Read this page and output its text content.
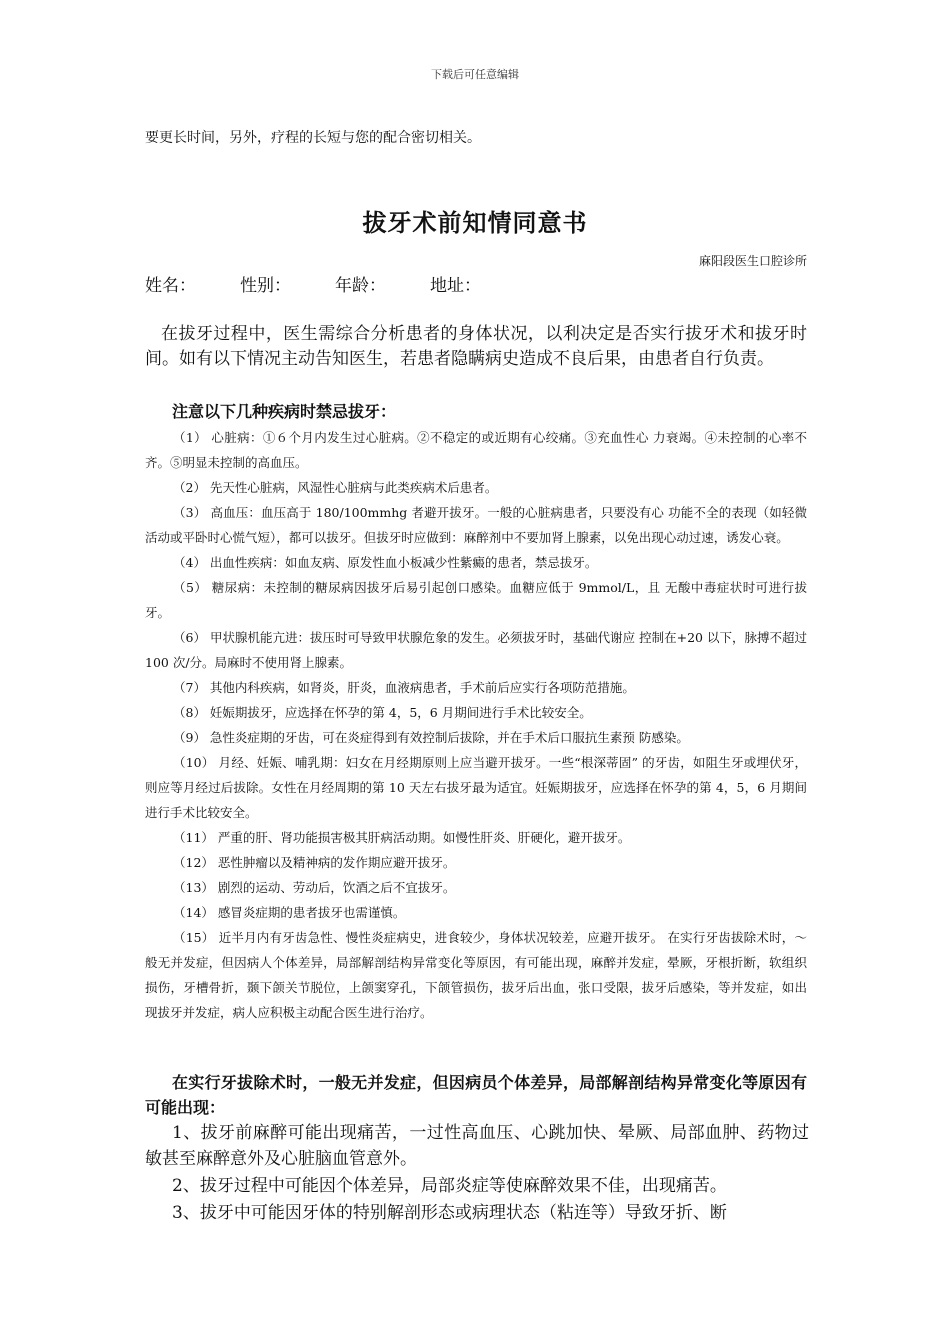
下载后可任意编辑
要更长时间，另外，疗程的长短与您的配合密切相关。
拔牙术前知情同意书
麻阳段医生口腔诊所
姓名：	性别：	年龄：	地址：
在拔牙过程中，医生需综合分析患者的身体状况，以利决定是否实行拔牙术和拔牙时间。如有以下情况主动告知医生，若患者隐瞒病史造成不良后果，由患者自行负责。
注意以下几种疾病时禁忌拔牙：

（1） 心脏病：①６个月内发生过心脏病。②不稳定的或近期有心绞痛。③充血性心 力衰竭。④未控制的心率不齐。⑤明显未控制的高血压。

（2） 先天性心脏病，风湿性心脏病与此类疾病术后患者。

（3） 高血压：血压高于 180/100mmhg 者避开拔牙。一般的心脏病患者，只要没有心 功能不全的表现（如轻微活动或平卧时心慌气短），都可以拔牙。但拔牙时应做到：麻醉剂中不要加肾上腺素，以免出现心动过速，诱发心衰。

（4） 出血性疾病：如血友病、原发性血小板减少性紫癜的患者，禁忌拔牙。

（5） 糖尿病：未控制的糖尿病因拔牙后易引起创口感染。血糖应低于 9mmol/L，且 无酸中毒症状时可进行拔牙。

（6） 甲状腺机能亢进：拔压时可导致甲状腺危象的发生。必须拔牙时，基础代谢应 控制在+20 以下，脉搏不超过 100 次/分。局麻时不使用肾上腺素。

（7） 其他内科疾病，如肾炎，肝炎，血液病患者，手术前后应实行各项防范措施。

（8） 妊娠期拔牙，应选择在怀孕的第 4，5，6 月期间进行手术比较安全。

（9） 急性炎症期的牙齿，可在炎症得到有效控制后拔除，并在手术后口服抗生素预 防感染。

（10） 月经、妊娠、哺乳期：妇女在月经期原则上应当避开拔牙。一些“根深蒂固” 的牙齿，如阻生牙或埋伏牙，则应等月经过后拔除。女性在月经周期的第 10 天左右拔牙最为适宜。妊娠期拔牙，应选择在怀孕的第 4，5，6 月期间进行手术比较安全。

（11） 严重的肝、肾功能损害极其肝病活动期。如慢性肝炎、肝硬化，避开拔牙。

（12） 恶性肿瘤以及精神病的发作期应避开拔牙。

（13） 剧烈的运动、劳动后，饮酒之后不宜拔牙。

（14） 感冒炎症期的患者拔牙也需谨慎。

（15） 近半月内有牙齿急性、慢性炎症病史，进食较少，身体状况较差，应避开拔牙。 在实行牙齿拔除术时，～般无并发症，但因病人个体差异，局部解剖结构异常变化等原因，有可能出现，麻醉并发症，晕厥，牙根折断，软组织损伤，牙槽骨折，颞下颌关节脱位，上颌窦穿孔，下颌管损伤，拔牙后出血，张口受限，拔牙后感染，等并发症，如出现拔牙并发症，病人应积极主动配合医生进行治疗。

在实行牙拔除术时，一般无并发症，但因病员个体差异，局部解剖结构异常变化等原因有可能出现：

1、拔牙前麻醉可能出现痛苦，一过性高血压、心跳加快、晕厥、局部血肿、药物过敏甚至麻醉意外及心脏脑血管意外。

2、拔牙过程中可能因个体差异，局部炎症等使麻醉效果不佳，出现痛苦。

3、拔牙中可能因牙体的特别解剖形态或病理状态（粘连等）导致牙折、断
